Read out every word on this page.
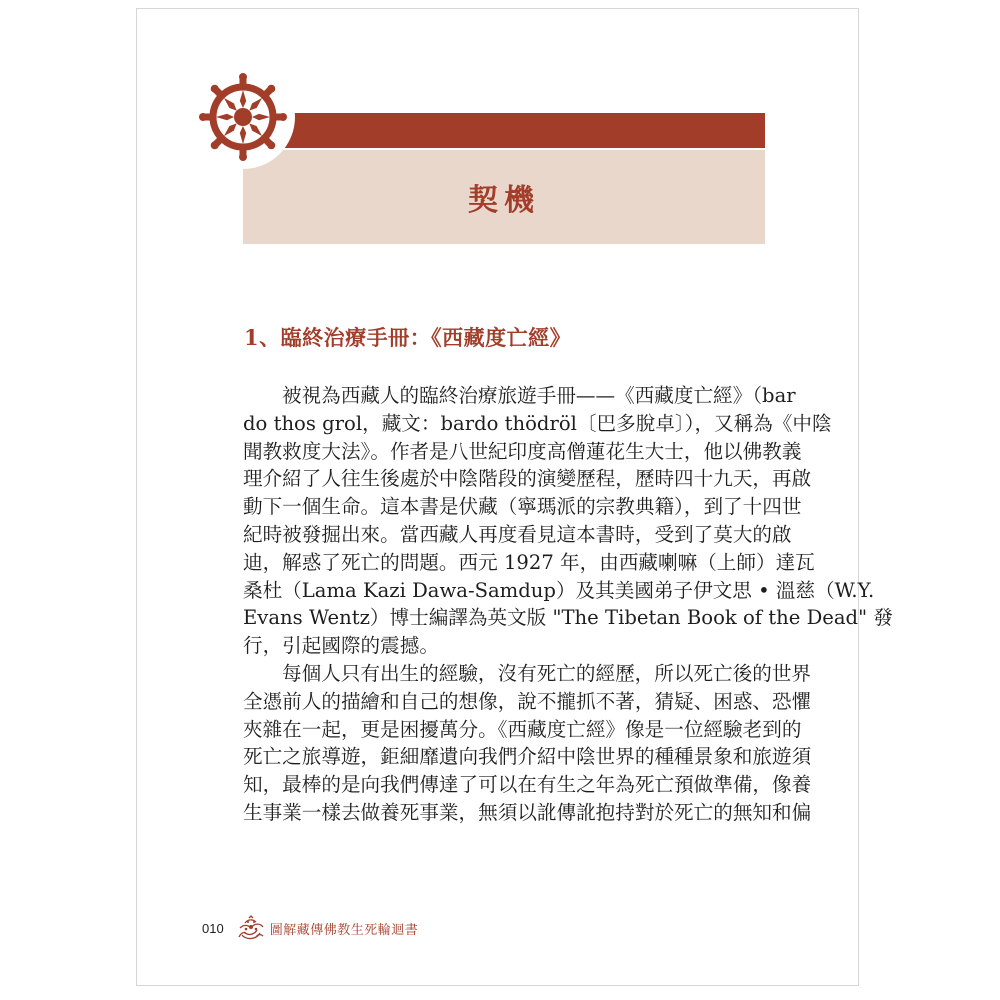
契機
1、臨終治療手冊：《西藏度亡經》
被視為西藏人的臨終治療旅遊手冊——《西藏度亡經》（bar
do thos grol，藏文：bardo thödröl〔巴多脫卓〕），又稱為《中陰
聞教救度大法》。作者是八世紀印度高僧蓮花生大士，他以佛教義
理介紹了人往生後處於中陰階段的演變歷程，歷時四十九天，再啟
動下一個生命。這本書是伏藏（寧瑪派的宗教典籍），到了十四世
紀時被發掘出來。當西藏人再度看見這本書時，受到了莫大的啟
迪，解惑了死亡的問題。西元 1927 年，由西藏喇嘛（上師）達瓦
桑杜（Lama Kazi Dawa-Samdup）及其美國弟子伊文思 • 溫慈（W.Y.
Evans Wentz）博士編譯為英文版 "The Tibetan Book of the Dead" 發
行，引起國際的震撼。
每個人只有出生的經驗，沒有死亡的經歷，所以死亡後的世界
全憑前人的描繪和自己的想像，說不攏抓不著，猜疑、困惑、恐懼
夾雜在一起，更是困擾萬分。《西藏度亡經》像是一位經驗老到的
死亡之旅導遊，鉅細靡遺向我們介紹中陰世界的種種景象和旅遊須
知，最棒的是向我們傳達了可以在有生之年為死亡預做準備，像養
生事業一樣去做養死事業，無須以訛傳訛抱持對於死亡的無知和偏
010	圖解藏傳佛教生死輪迴書
